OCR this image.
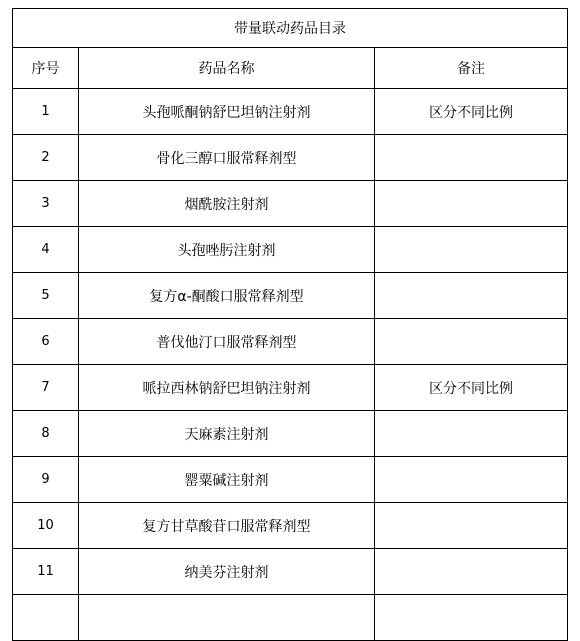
带量联动药品目录		
序号	药品名称	备注
1	头孢哌酮钠舒巴坦钠注射剂	区分不同比例
2	骨化三醇口服常释剂型	
3	烟酰胺注射剂	
4	头孢唑肟注射剂	
5	复方α-酮酸口服常释剂型	
6	普伐他汀口服常释剂型	
7	哌拉西林钠舒巴坦钠注射剂	区分不同比例
8	天麻素注射剂	
9	罂粟碱注射剂	
10	复方甘草酸苷口服常释剂型	
11	纳美芬注射剂	
